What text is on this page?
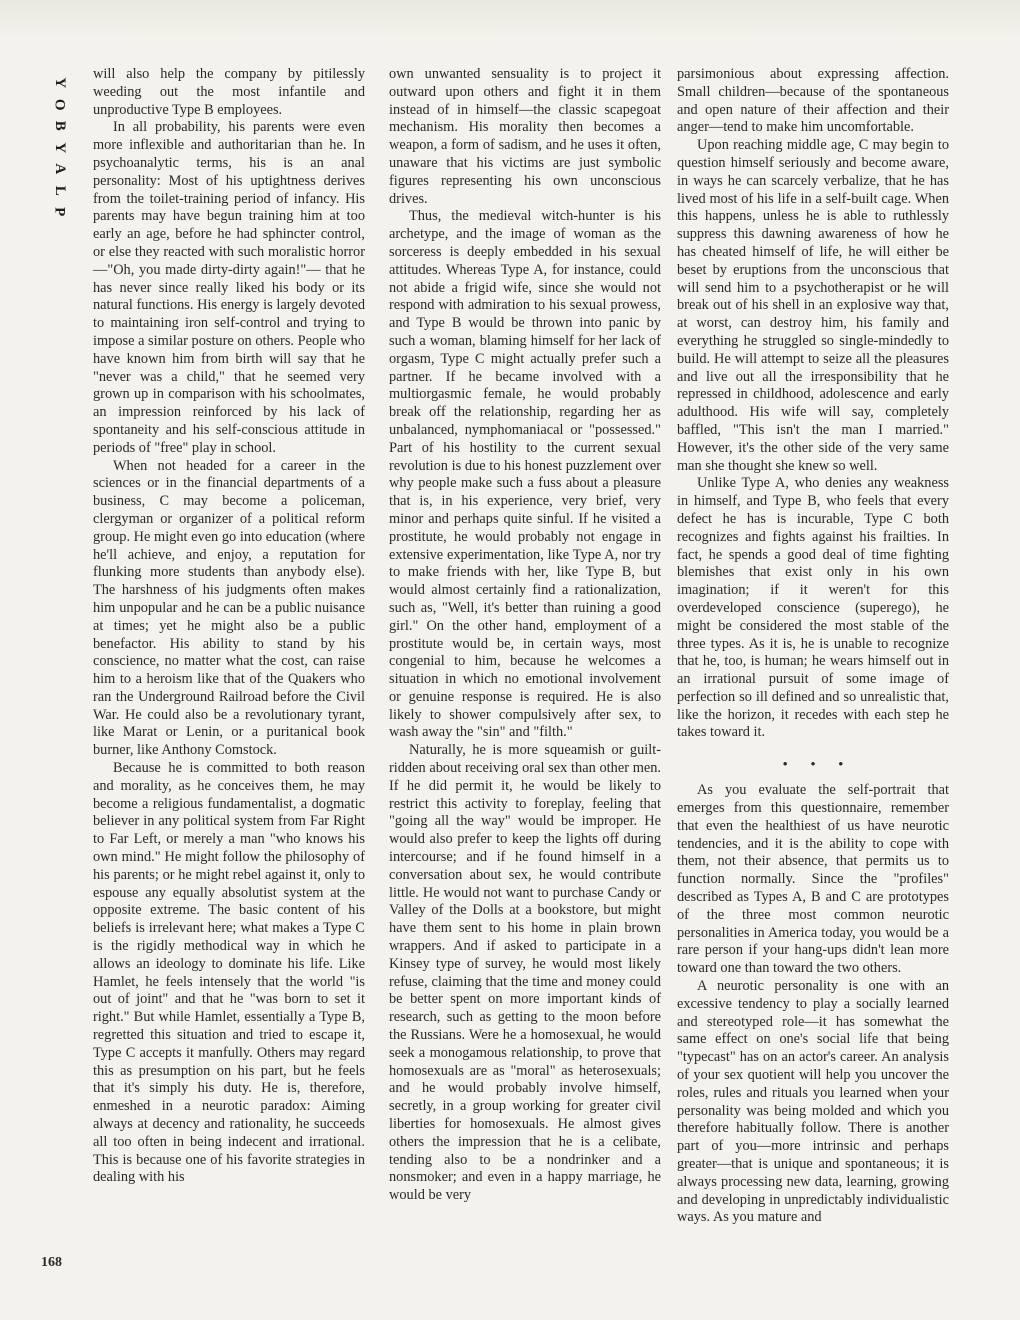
Y
O
B
Y
A
L
P

will also help the company by pitilessly weeding out the most infantile and unproductive Type B employees.

In all probability, his parents were even more inflexible and authoritarian than he. In psychoanalytic terms, his is an anal personality: Most of his uptightness derives from the toilet-training period of infancy. His parents may have begun training him at too early an age, before he had sphincter control, or else they reacted with such moralistic horror —"Oh, you made dirty-dirty again!"— that he has never since really liked his body or its natural functions. His energy is largely devoted to maintaining iron self-control and trying to impose a similar posture on others. People who have known him from birth will say that he "never was a child," that he seemed very grown up in comparison with his schoolmates, an impression reinforced by his lack of spontaneity and his self-conscious attitude in periods of "free" play in school.

When not headed for a career in the sciences or in the financial departments of a business, C may become a policeman, clergyman or organizer of a political reform group. He might even go into education (where he'll achieve, and enjoy, a reputation for flunking more students than anybody else). The harshness of his judgments often makes him unpopular and he can be a public nuisance at times; yet he might also be a public benefactor. His ability to stand by his conscience, no matter what the cost, can raise him to a heroism like that of the Quakers who ran the Underground Railroad before the Civil War. He could also be a revolutionary tyrant, like Marat or Lenin, or a puritanical book burner, like Anthony Comstock.

Because he is committed to both reason and morality, as he conceives them, he may become a religious fundamentalist, a dogmatic believer in any political system from Far Right to Far Left, or merely a man "who knows his own mind." He might follow the philosophy of his parents; or he might rebel against it, only to espouse any equally absolutist system at the opposite extreme. The basic content of his beliefs is irrelevant here; what makes a Type C is the rigidly methodical way in which he allows an ideology to dominate his life. Like Hamlet, he feels intensely that the world "is out of joint" and that he "was born to set it right." But while Hamlet, essentially a Type B, regretted this situation and tried to escape it, Type C accepts it manfully. Others may regard this as presumption on his part, but he feels that it's simply his duty. He is, therefore, enmeshed in a neurotic paradox: Aiming always at decency and rationality, he succeeds all too often in being indecent and irrational. This is because one of his favorite strategies in dealing with his

own unwanted sensuality is to project it outward upon others and fight it in them instead of in himself—the classic scapegoat mechanism. His morality then becomes a weapon, a form of sadism, and he uses it often, unaware that his victims are just symbolic figures representing his own unconscious drives.

Thus, the medieval witch-hunter is his archetype, and the image of woman as the sorceress is deeply embedded in his sexual attitudes. Whereas Type A, for instance, could not abide a frigid wife, since she would not respond with admiration to his sexual prowess, and Type B would be thrown into panic by such a woman, blaming himself for her lack of orgasm, Type C might actually prefer such a partner. If he became involved with a multiorgasmic female, he would probably break off the relationship, regarding her as unbalanced, nymphomaniacal or "possessed." Part of his hostility to the current sexual revolution is due to his honest puzzlement over why people make such a fuss about a pleasure that is, in his experience, very brief, very minor and perhaps quite sinful. If he visited a prostitute, he would probably not engage in extensive experimentation, like Type A, nor try to make friends with her, like Type B, but would almost certainly find a rationalization, such as, "Well, it's better than ruining a good girl." On the other hand, employment of a prostitute would be, in certain ways, most congenial to him, because he welcomes a situation in which no emotional involvement or genuine response is required. He is also likely to shower compulsively after sex, to wash away the "sin" and "filth."

Naturally, he is more squeamish or guilt-ridden about receiving oral sex than other men. If he did permit it, he would be likely to restrict this activity to foreplay, feeling that "going all the way" would be improper. He would also prefer to keep the lights off during intercourse; and if he found himself in a conversation about sex, he would contribute little. He would not want to purchase Candy or Valley of the Dolls at a bookstore, but might have them sent to his home in plain brown wrappers. And if asked to participate in a Kinsey type of survey, he would most likely refuse, claiming that the time and money could be better spent on more important kinds of research, such as getting to the moon before the Russians. Were he a homosexual, he would seek a monogamous relationship, to prove that homosexuals are as "moral" as heterosexuals; and he would probably involve himself, secretly, in a group working for greater civil liberties for homosexuals. He almost gives others the impression that he is a celibate, tending also to be a nondrinker and a nonsmoker; and even in a happy marriage, he would be very

parsimonious about expressing affection. Small children—because of the spontaneous and open nature of their affection and their anger—tend to make him uncomfortable.

Upon reaching middle age, C may begin to question himself seriously and become aware, in ways he can scarcely verbalize, that he has lived most of his life in a self-built cage. When this happens, unless he is able to ruthlessly suppress this dawning awareness of how he has cheated himself of life, he will either be beset by eruptions from the unconscious that will send him to a psychotherapist or he will break out of his shell in an explosive way that, at worst, can destroy him, his family and everything he struggled so single-mindedly to build. He will attempt to seize all the pleasures and live out all the irresponsibility that he repressed in childhood, adolescence and early adulthood. His wife will say, completely baffled, "This isn't the man I married." However, it's the other side of the very same man she thought she knew so well.

Unlike Type A, who denies any weakness in himself, and Type B, who feels that every defect he has is incurable, Type C both recognizes and fights against his frailties. In fact, he spends a good deal of time fighting blemishes that exist only in his own imagination; if it weren't for this overdeveloped conscience (superego), he might be considered the most stable of the three types. As it is, he is unable to recognize that he, too, is human; he wears himself out in an irrational pursuit of some image of perfection so ill defined and so unrealistic that, like the horizon, it recedes with each step he takes toward it.

• • •

As you evaluate the self-portrait that emerges from this questionnaire, remember that even the healthiest of us have neurotic tendencies, and it is the ability to cope with them, not their absence, that permits us to function normally. Since the "profiles" described as Types A, B and C are prototypes of the three most common neurotic personalities in America today, you would be a rare person if your hang-ups didn't lean more toward one than toward the two others.

A neurotic personality is one with an excessive tendency to play a socially learned and stereotyped role—it has somewhat the same effect on one's social life that being "typecast" has on an actor's career. An analysis of your sex quotient will help you uncover the roles, rules and rituals you learned when your personality was being molded and which you therefore habitually follow. There is another part of you—more intrinsic and perhaps greater—that is unique and spontaneous; it is always processing new data, learning, growing and developing in unpredictably individualistic ways. As you mature and

168
